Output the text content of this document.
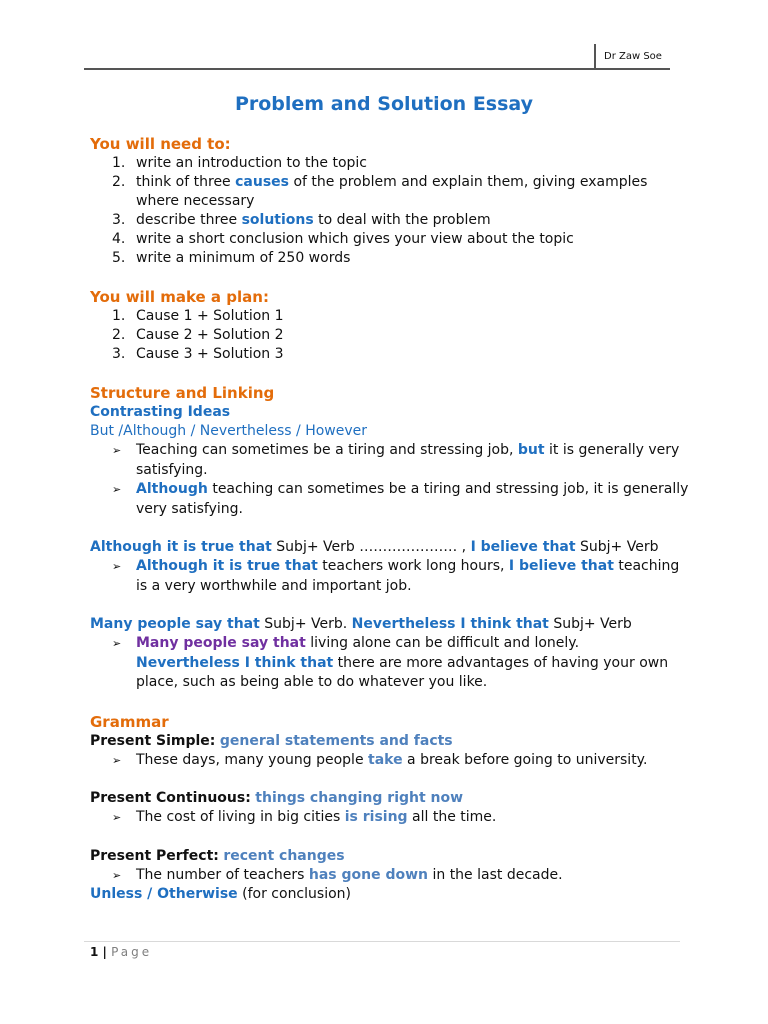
Dr Zaw Soe
Problem and Solution Essay
You will need to:
1. write an introduction to the topic
2. think of three causes of the problem and explain them, giving examples where necessary
3. describe three solutions to deal with the problem
4. write a short conclusion which gives your view about the topic
5. write a minimum of 250 words
You will make a plan:
1. Cause 1 + Solution 1
2. Cause 2 + Solution 2
3. Cause 3 + Solution 3
Structure and Linking
Contrasting Ideas
But /Although / Nevertheless / However
➢ Teaching can sometimes be a tiring and stressing job, but it is generally very satisfying.
➢ Although teaching can sometimes be a tiring and stressing job, it is generally very satisfying.
Although it is true that Subj+ Verb ………………… , I believe that Subj+ Verb
➢ Although it is true that teachers work long hours, I believe that teaching is a very worthwhile and important job.
Many people say that Subj+ Verb. Nevertheless I think that Subj+ Verb
➢ Many people say that living alone can be difficult and lonely.
Nevertheless I think that there are more advantages of having your own place, such as being able to do whatever you like.
Grammar
Present Simple: general statements and facts
➢ These days, many young people take a break before going to university.
Present Continuous: things changing right now
➢ The cost of living in big cities is rising all the time.
Present Perfect: recent changes
➢ The number of teachers has gone down in the last decade.
Unless / Otherwise (for conclusion)
1 | Page
